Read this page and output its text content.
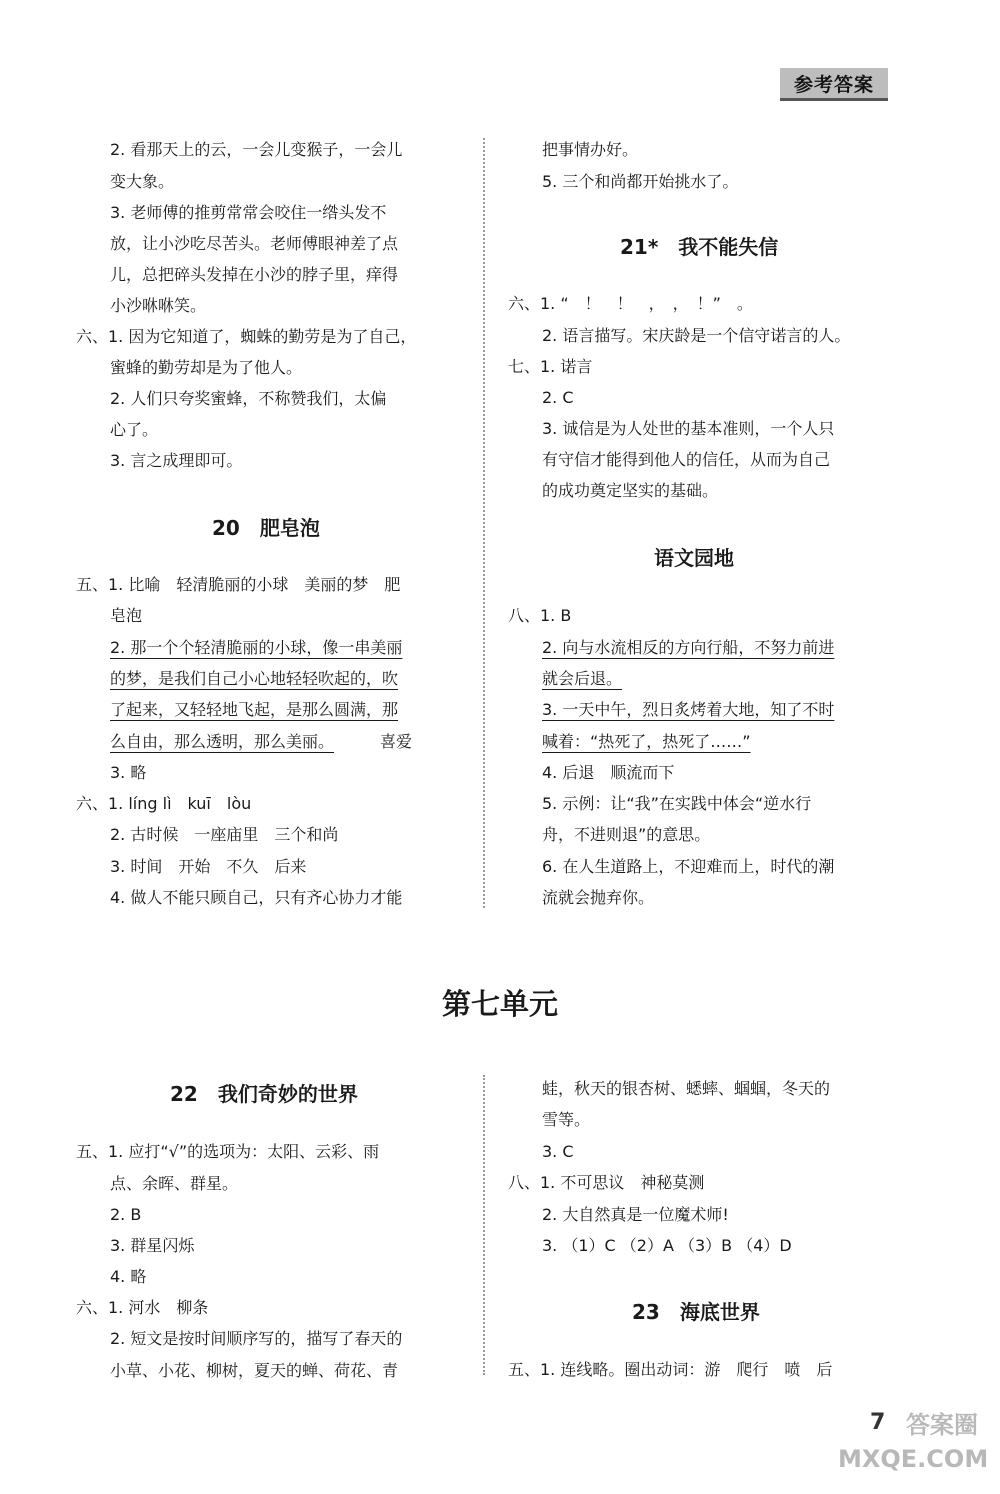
参考答案
2. 看那天上的云，一会儿变猴子，一会儿
变大象。
3. 老师傅的推剪常常会咬住一绺头发不
放，让小沙吃尽苦头。老师傅眼神差了点
儿，总把碎头发掉在小沙的脖子里，痒得
小沙咻咻笑。
六、1. 因为它知道了，蜘蛛的勤劳是为了自己，
蜜蜂的勤劳却是为了他人。
2. 人们只夸奖蜜蜂，不称赞我们，太偏
心了。
3. 言之成理即可。
20　肥皂泡
五、1. 比喻　轻清脆丽的小球　美丽的梦　肥
皂泡
2. 那一个个轻清脆丽的小球，像一串美丽
的梦，是我们自己小心地轻轻吹起的，吹
了起来，又轻轻地飞起，是那么圆满，那
么自由，那么透明，那么美丽。	喜爱
3. 略
六、1. líng lì　kuī　lòu
2. 古时候　一座庙里　三个和尚
3. 时间　开始　不久　后来
4. 做人不能只顾自己，只有齐心协力才能
把事情办好。
5. 三个和尚都开始挑水了。
21*　我不能失信
六、1. “　！　！　，　，　！”　。
2. 语言描写。宋庆龄是一个信守诺言的人。
七、1. 诺言
2. C
3. 诚信是为人处世的基本准则，一个人只
有守信才能得到他人的信任，从而为自己
的成功奠定坚实的基础。
语文园地
八、1. B
2. 向与水流相反的方向行船，不努力前进
就会后退。
3. 一天中午，烈日炙烤着大地，知了不时
喊着：“热死了，热死了……”
4. 后退　顺流而下
5. 示例：让“我”在实践中体会“逆水行
舟，不进则退”的意思。
6. 在人生道路上，不迎难而上，时代的潮
流就会抛弃你。
第七单元
22　我们奇妙的世界
五、1. 应打“√”的选项为：太阳、云彩、雨
点、余晖、群星。
2. B
3. 群星闪烁
4. 略
六、1. 河水　柳条
2. 短文是按时间顺序写的，描写了春天的
小草、小花、柳树，夏天的蝉、荷花、青
蛙，秋天的银杏树、蟋蟀、蝈蝈，冬天的
雪等。
3. C
八、1. 不可思议　神秘莫测
2. 大自然真是一位魔术师!
3. （1）C （2）A （3）B （4）D
23　海底世界
五、1. 连线略。圈出动词：游　爬行　喷　后
答案圈 MXQE.COM
7
